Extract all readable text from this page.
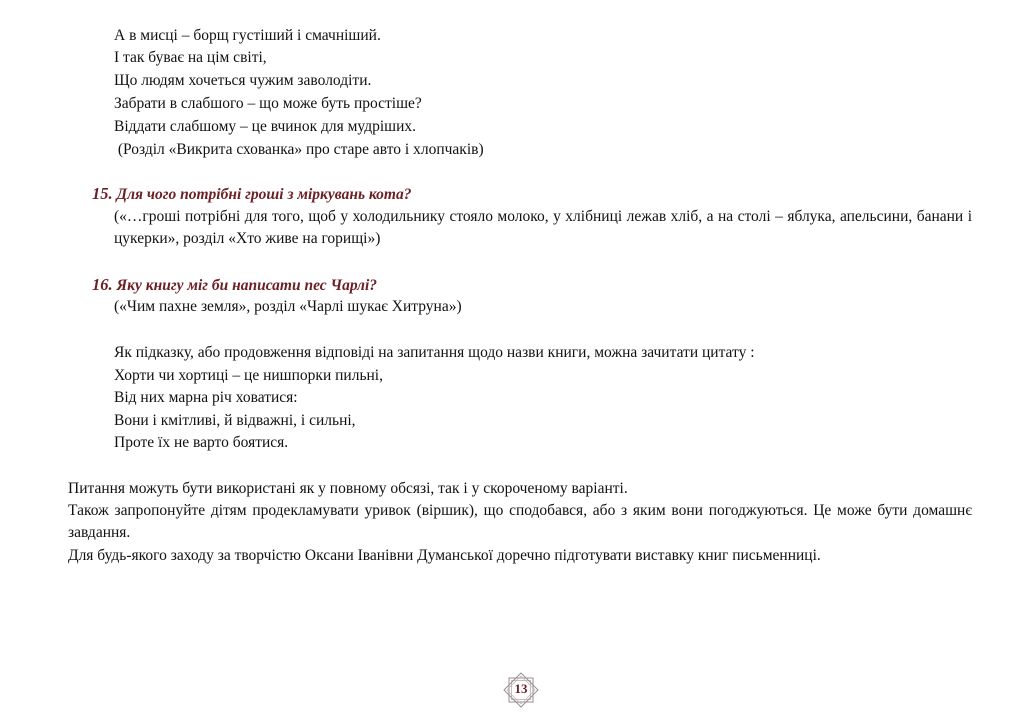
А в мисці – борщ густіший і смачніший.

І так буває на цім світі,

Що людям хочеться чужим заволодіти.

Забрати в слабшого – що може буть простіше?

Віддати слабшому – це вчинок для мудріших.

(Розділ «Викрита схованка» про старе авто і хлопчаків)

15. Для чого потрібні гроші з міркувань кота?

(«…гроші потрібні для того, щоб у холодильнику стояло молоко, у хлібниці лежав хліб, а на столі – яблука, апельсини, банани і цукерки», розділ «Хто живе на горищі»)

16. Яку книгу міг би написати пес Чарлі?

(«Чим пахне земля», розділ «Чарлі шукає Хитруна»)

Як підказку, або продовження відповіді на запитання щодо назви книги, можна зачитати цитату :

Хорти чи хортиці – це нишпорки пильні,

Від них марна річ ховатися:

Вони і кмітливі, й відважні, і сильні,

Проте їх не варто боятися.

Питання можуть бути використані як у повному обсязі, так і у скороченому варіанті.

Також запропонуйте дітям продекламувати уривок (віршик), що сподобався, або з яким вони погоджуються. Це може бути домашнє завдання.

Для будь-якого заходу за творчістю Оксани Іванівни Думанської доречно підготувати виставку книг письменниці.

13
